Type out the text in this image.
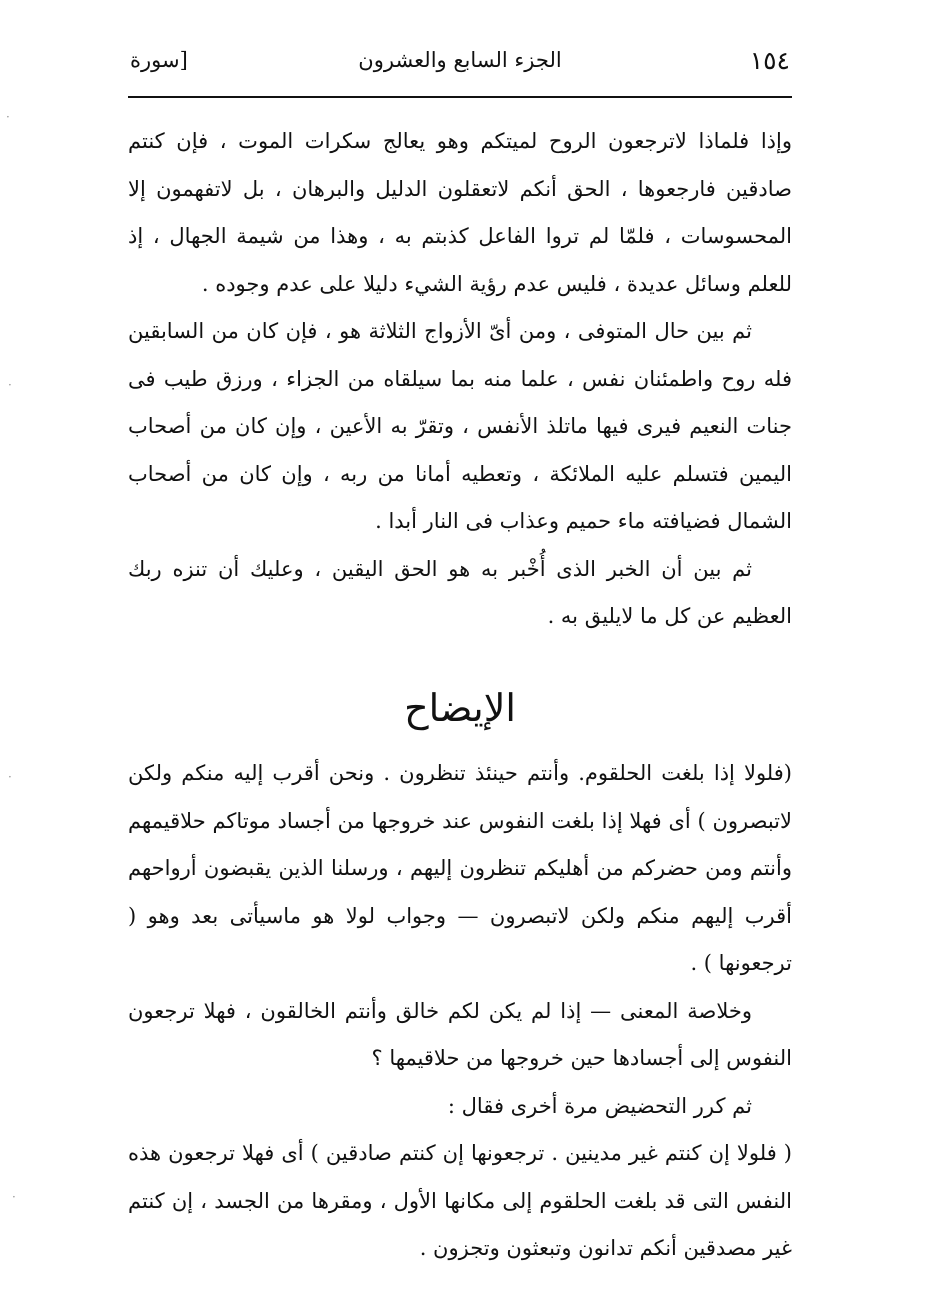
١٥٤
الجزء السابع والعشرون
[سورة

وإذا فلماذا لاترجعون الروح لميتكم وهو يعالج سكرات الموت ، فإن كنتم صادقين فارجعوها ، الحق أنكم لاتعقلون الدليل والبرهان ، بل لاتفهمون إلا المحسوسات ، فلمّا لم تروا الفاعل كذبتم به ، وهذا من شيمة الجهال ، إذ للعلم وسائل عديدة ، فليس عدم رؤية الشيء دليلا على عدم وجوده .

ثم بين حال المتوفى ، ومن أىّ الأزواج الثلاثة هو ، فإن كان من السابقين فله روح واطمئنان نفس ، علما منه بما سيلقاه من الجزاء ، ورزق طيب فى جنات النعيم فيرى فيها ماتلذ الأنفس ، وتقرّ به الأعين ، وإن كان من أصحاب اليمين فتسلم عليه الملائكة ، وتعطيه أمانا من ربه ، وإن كان من أصحاب الشمال فضيافته ماء حميم وعذاب فى النار أبدا .

ثم بين أن الخبر الذى أُخْبر به هو الحق اليقين ، وعليك أن تنزه ربك العظيم عن كل ما لايليق به .

الإيضاح

(فلولا إذا بلغت الحلقوم. وأنتم حينئذ تنظرون . ونحن أقرب إليه منكم ولكن لاتبصرون ) أى فهلا إذا بلغت النفوس عند خروجها من أجساد موتاكم حلاقيمهم وأنتم ومن حضركم من أهليكم تنظرون إليهم ، ورسلنا الذين يقبضون أرواحهم أقرب إليهم منكم ولكن لاتبصرون — وجواب لولا هو ماسيأتى بعد وهو ( ترجعونها ) .

وخلاصة المعنى — إذا لم يكن لكم خالق وأنتم الخالقون ، فهلا ترجعون النفوس إلى أجسادها حين خروجها من حلاقيمها ؟

ثم كرر التحضيض مرة أخرى فقال :

( فلولا إن كنتم غير مدينين . ترجعونها إن كنتم صادقين ) أى فهلا ترجعون هذه النفس التى قد بلغت الحلقوم إلى مكانها الأول ، ومقرها من الجسد ، إن كنتم غير مصدقين أنكم تدانون وتبعثون وتجزون .

·
·
·
·
